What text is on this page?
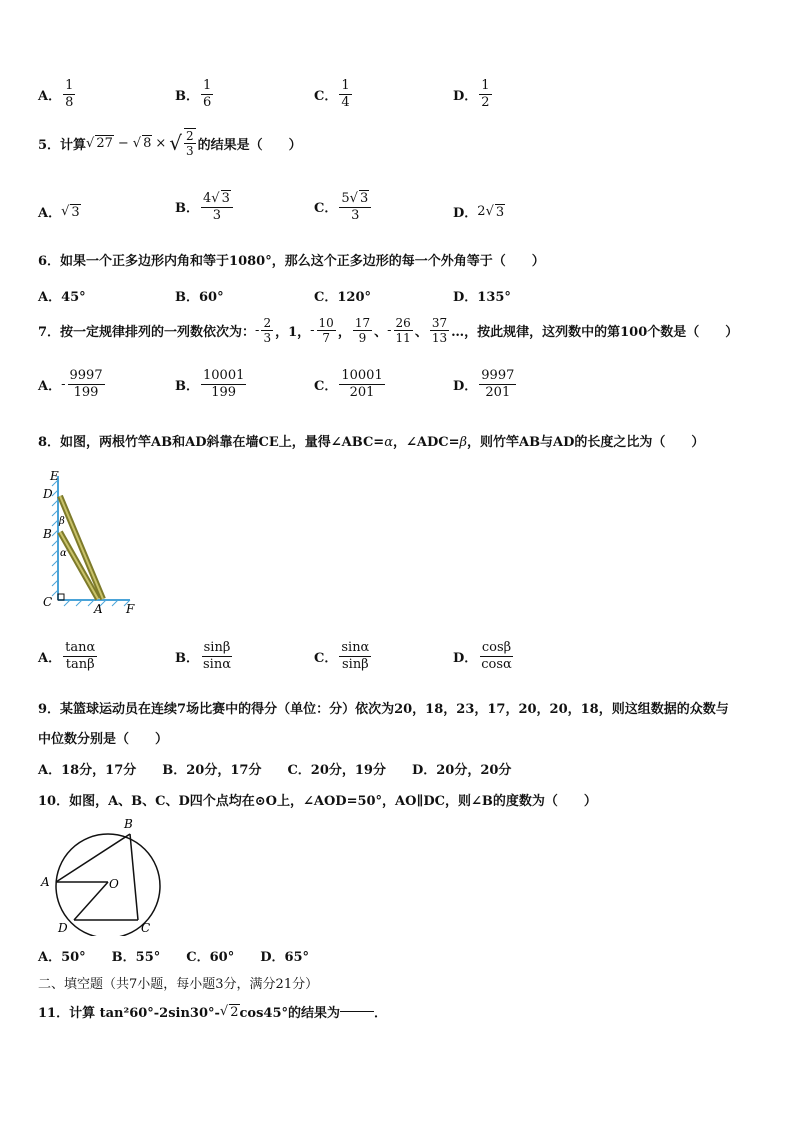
A． $\frac{1}{8}$	B． $\frac{1}{6}$	C． $\frac{1}{4}$	D． $\frac{1}{2}$
5．计算 √ 27 − √ 8 × √ $\frac{2}{3}$ 的结果是（　　）
A． √ 3	B． $\frac{4√ 3}{3}$	C． $\frac{5√ 3}{3}$	D． 2 √ 3
6．如果一个正多边形内角和等于1080°，那么这个正多边形的每一个外角等于（　　）
A．45°	B．60°	C．120°	D．135°
7．按一定规律排列的一列数依次为： - $\frac{2}{3}$ ，1， - $\frac{10}{7}$ ， $\frac{17}{9}$ 、 - $\frac{26}{11}$ 、 $\frac{37}{13}$ …，按此规律，这列数中的第100个数是（　　）
A． - $\frac{9997}{199}$	B． $\frac{10001}{199}$	C． $\frac{10001}{201}$	D． $\frac{9997}{201}$
8．如图，两根竹竿AB和AD斜靠在墙CE上，量得∠ABC=α，∠ADC=β，则竹竿AB与AD的长度之比为（　　）
E
D
B
C	A F
β
α
A． $\frac{\tan\alpha}{\tan\beta}$	B． $\frac{\sin\beta}{\sin\alpha}$	C． $\frac{\sin\alpha}{\sin\beta}$	D． $\frac{\cos\beta}{\cos\alpha}$
9．某篮球运动员在连续7场比赛中的得分（单位：分）依次为20，18，23，17，20，20，18，则这组数据的众数与
中位数分别是（　　）
A．18分，17分　　B．20分，17分　　C．20分，19分　　D．20分，20分
10．如图，A、B、C、D四个点均在⊙O上，∠AOD=50°，AO∥DC，则∠B的度数为（　　）
A
B
C
D
O
A．50°　　B．55°　　C．60°　　D．65°
二、填空题（共7小题，每小题3分，满分21分）
11．计算 tan²60°-2sin30°- √ 2 cos45°的结果为	．
